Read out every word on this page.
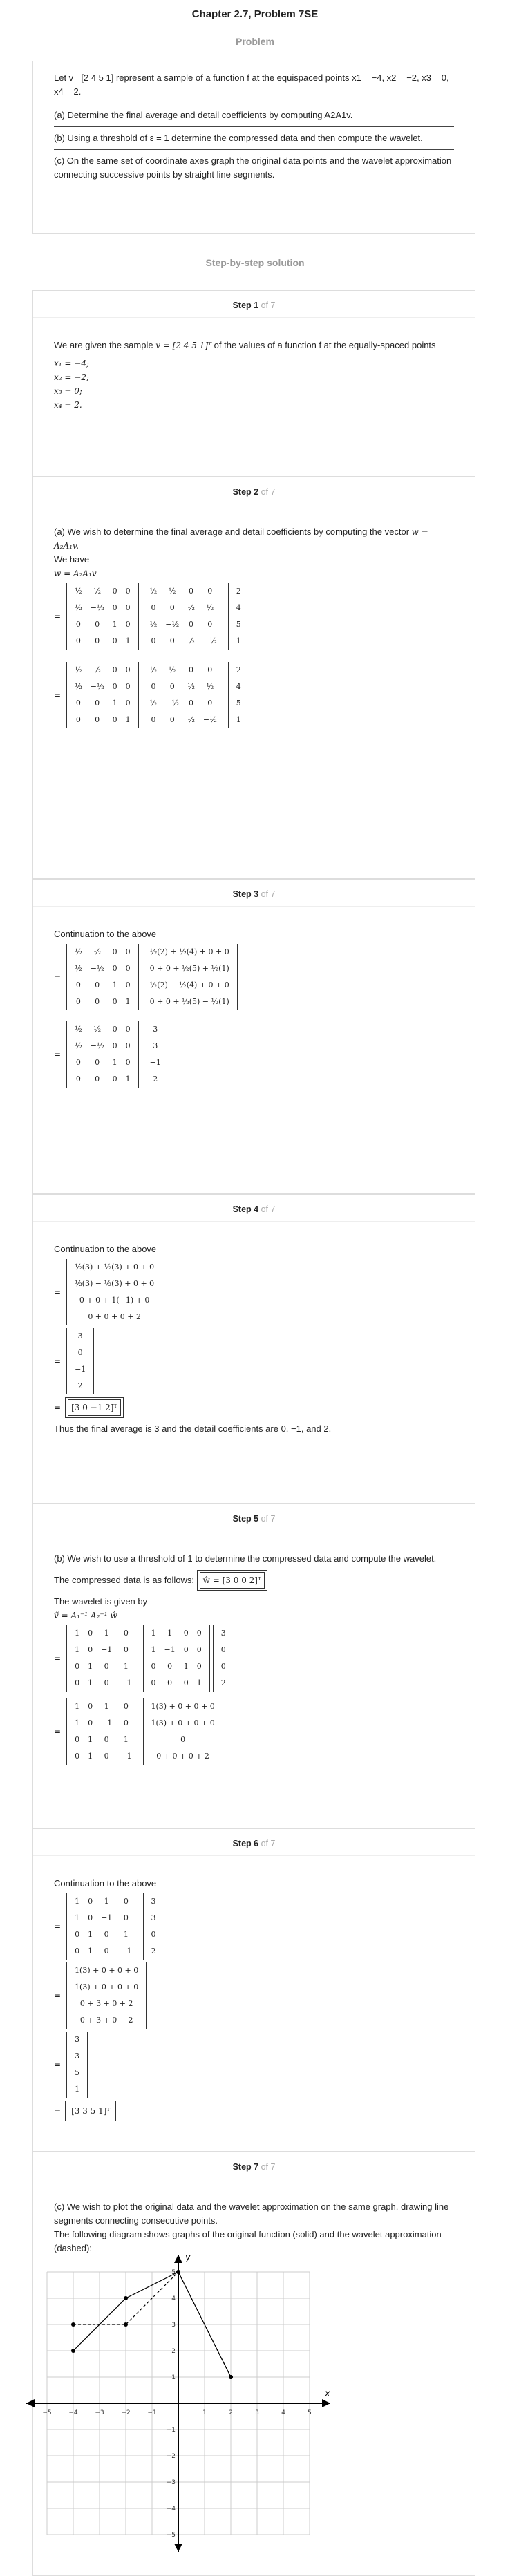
Chapter 2.7, Problem 7SE
Problem
Let v =[2 4 5 1] represent a sample of a function f at the equispaced points x1 = −4, x2 = −2, x3 = 0, x4 = 2.
(a) Determine the final average and detail coefficients by computing A2A1v.
(b) Using a threshold of ε = 1 determine the compressed data and then compute the wavelet.
(c) On the same set of coordinate axes graph the original data points and the wavelet approximation connecting successive points by straight line segments.
Step-by-step solution
Step 1 of 7
We are given the sample v = [2 4 5 1]ᵀ of the values of a function f at the equally-spaced points
x₁ = −4;
x₂ = −2;
x₃ = 0;
x₄ = 2.
Step 2 of 7
(a) We wish to determine the final average and detail coefficients by computing the vector w = A₂A₁v.
We have
w = A₂A₁v
=
½	½	0	0
½	−½	0	0
0	0	1	0
0	0	0	1
½	½	0	0
0	0	½	½
½	−½	0	0
0	0	½	−½
2
4
5
1
=
½	½	0	0
½	−½	0	0
0	0	1	0
0	0	0	1
½	½	0	0
0	0	½	½
½	−½	0	0
0	0	½	−½
2
4
5
1
Step 3 of 7
Continuation to the above
=
½	½	0	0
½	−½	0	0
0	0	1	0
0	0	0	1
½(2) + ½(4) + 0 + 0
0 + 0 + ½(5) + ½(1)
½(2) − ½(4) + 0 + 0
0 + 0 + ½(5) − ½(1)
=
½	½	0	0
½	−½	0	0
0	0	1	0
0	0	0	1
3
3
−1
2
Step 4 of 7
Continuation to the above
=
½(3) + ½(3) + 0 + 0
½(3) − ½(3) + 0 + 0
0 + 0 + 1(−1) + 0
0 + 0 + 0 + 2
=
3
0
−1
2
=	[3 0 −1 2]ᵀ
Thus the final average is 3 and the detail coefficients are 0, −1, and 2.
Step 5 of 7
(b) We wish to use a threshold of 1 to determine the compressed data and compute the wavelet.
The compressed data is as follows: ŵ = [3 0 0 2]ᵀ
The wavelet is given by
ṽ = A₁⁻¹ A₂⁻¹ ŵ
=
1	0	1	0
1	0	−1	0
0	1	0	1
0	1	0	−1
1	1	0	0
1	−1	0	0
0	0	1	0
0	0	0	1
3
0
0
2
=
1	0	1	0
1	0	−1	0
0	1	0	1
0	1	0	−1
1(3) + 0 + 0 + 0
1(3) + 0 + 0 + 0
0
0 + 0 + 0 + 2
Step 6 of 7
Continuation to the above
=
1	0	1	0
1	0	−1	0
0	1	0	1
0	1	0	−1
3
3
0
2
=
1(3) + 0 + 0 + 0
1(3) + 0 + 0 + 0
0 + 3 + 0 + 2
0 + 3 + 0 − 2
=
3
3
5
1
=	[3 3 5 1]ᵀ
Step 7 of 7
(c) We wish to plot the original data and the wavelet approximation on the same graph, drawing line segments connecting consecutive points.
The following diagram shows graphs of the original function (solid) and the wavelet approximation (dashed):
x
y
−5	−4	−3	−2	−1	1	2	3	4	5
5
4
3
2
1
−1
−2
−3
−4
−5
